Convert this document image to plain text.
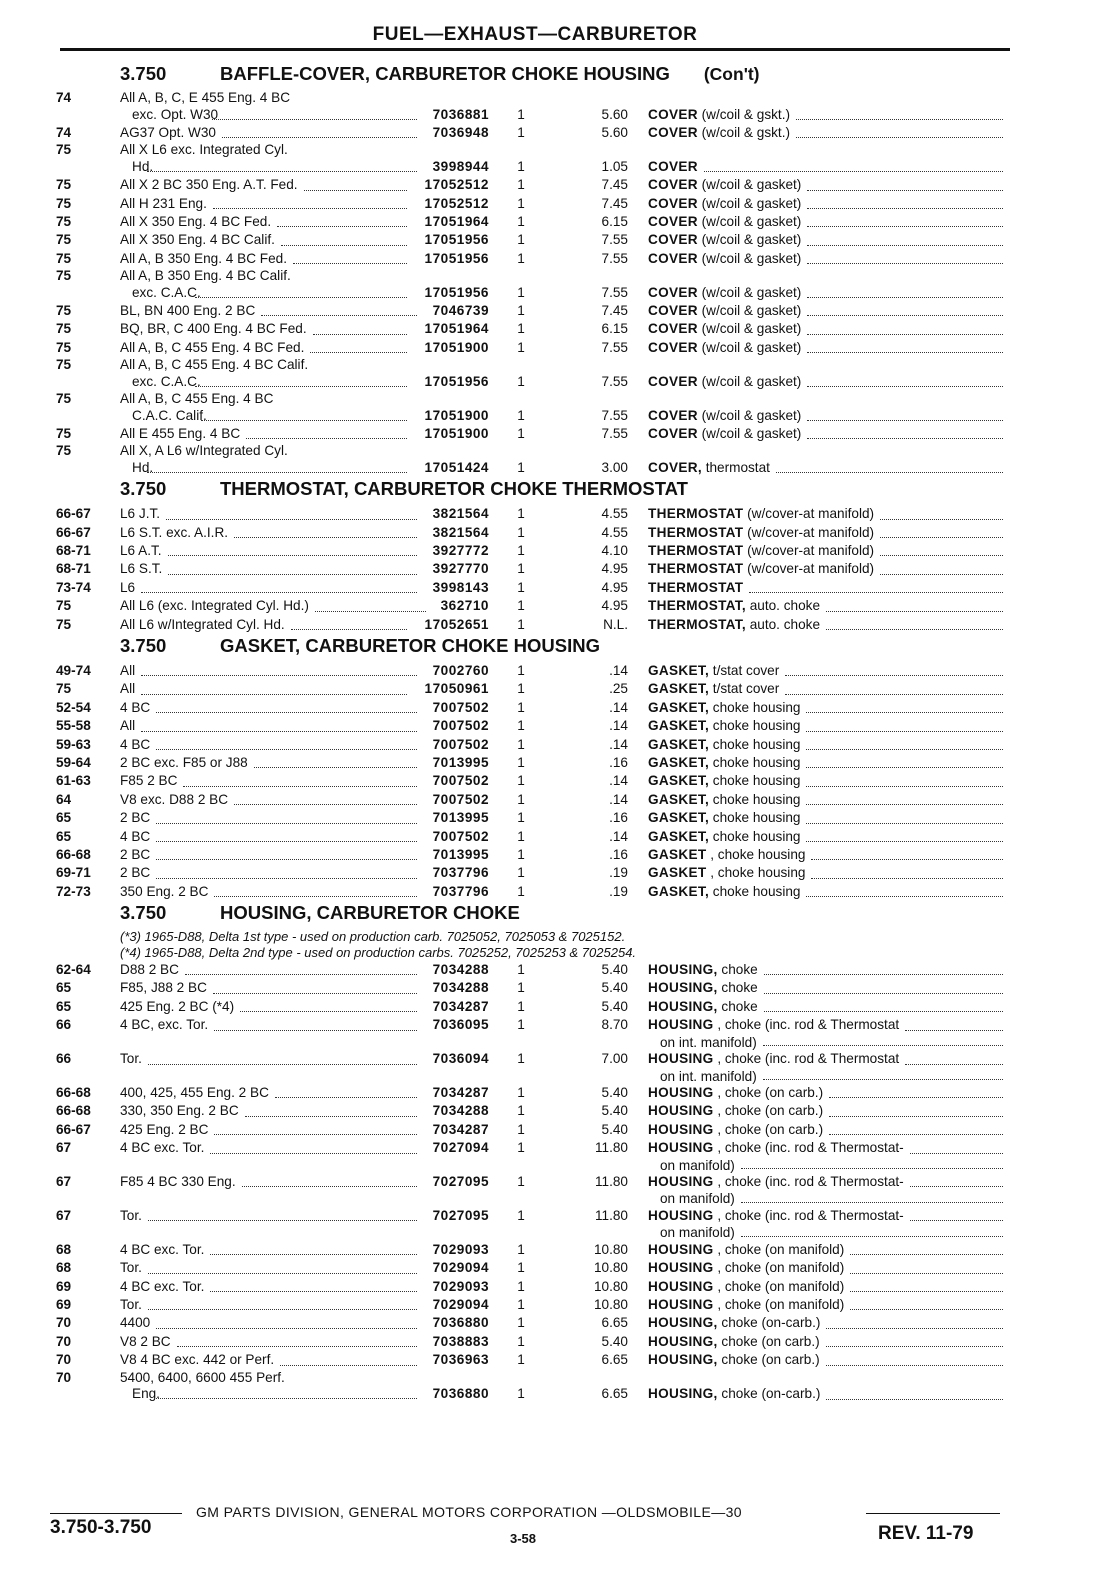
FUEL—EXHAUST—CARBURETOR
3.750	BAFFLE-COVER, CARBURETOR CHOKE HOUSING (Con't)
74	All A, B, C, E 455 Eng. 4 BC
exc. Opt. W30	7036881 1	5.60 COVER (w/coil & gskt.)
74	AG37 Opt. W30	7036948 1	5.60 COVER (w/coil & gskt.)
75	All X L6 exc. Integrated Cyl.
Hd.	3998944 1	1.05 COVER
75	All X 2 BC 350 Eng. A.T. Fed.	17052512 1	7.45 COVER (w/coil & gasket)
75	All H 231 Eng.	17052512 1	7.45 COVER (w/coil & gasket)
75	All X 350 Eng. 4 BC Fed.	17051964 1	6.15 COVER (w/coil & gasket)
75	All X 350 Eng. 4 BC Calif.	17051956 1	7.55 COVER (w/coil & gasket)
75	All A, B 350 Eng. 4 BC Fed.	17051956 1	7.55 COVER (w/coil & gasket)
75	All A, B 350 Eng. 4 BC Calif.
exc. C.A.C.	17051956 1	7.55 COVER (w/coil & gasket)
75	BL, BN 400 Eng. 2 BC	7046739 1	7.45 COVER (w/coil & gasket)
75	BQ, BR, C 400 Eng. 4 BC Fed.	17051964 1	6.15 COVER (w/coil & gasket)
75	All A, B, C 455 Eng. 4 BC Fed.	17051900 1	7.55 COVER (w/coil & gasket)
75	All A, B, C 455 Eng. 4 BC Calif.
exc. C.A.C.	17051956 1	7.55 COVER (w/coil & gasket)
75	All A, B, C 455 Eng. 4 BC
C.A.C. Calif.	17051900 1	7.55 COVER (w/coil & gasket)
75	All E 455 Eng. 4 BC	17051900 1	7.55 COVER (w/coil & gasket)
75	All X, A L6 w/Integrated Cyl.
Hd.	17051424 1	3.00 COVER, thermostat
3.750	THERMOSTAT, CARBURETOR CHOKE THERMOSTAT
66-67	L6 J.T.	3821564 1	4.55 THERMOSTAT (w/cover-at manifold)
66-67	L6 S.T. exc. A.I.R.	3821564 1	4.55 THERMOSTAT (w/cover-at manifold)
68-71	L6 A.T.	3927772 1	4.10 THERMOSTAT (w/cover-at manifold)
68-71	L6 S.T.	3927770 1	4.95 THERMOSTAT (w/cover-at manifold)
73-74	L6	3998143 1	4.95 THERMOSTAT
75	All L6 (exc. Integrated Cyl. Hd.)	362710 1	4.95 THERMOSTAT, auto. choke
75	All L6 w/Integrated Cyl. Hd.	17052651 1	N.L. THERMOSTAT, auto. choke
3.750	GASKET, CARBURETOR CHOKE HOUSING
49-74	All	7002760 1	.14 GASKET, t/stat cover
75	All	17050961 1	.25 GASKET, t/stat cover
52-54	4 BC	7007502 1	.14 GASKET, choke housing
55-58	All	7007502 1	.14 GASKET, choke housing
59-63	4 BC	7007502 1	.14 GASKET, choke housing
59-64	2 BC exc. F85 or J88	7013995 1	.16 GASKET, choke housing
61-63	F85 2 BC	7007502 1	.14 GASKET, choke housing
64	V8 exc. D88 2 BC	7007502 1	.14 GASKET, choke housing
65	2 BC	7013995 1	.16 GASKET, choke housing
65	4 BC	7007502 1	.14 GASKET, choke housing
66-68	2 BC	7013995 1	.16 GASKET , choke housing
69-71	2 BC	7037796 1	.19 GASKET , choke housing
72-73	350 Eng. 2 BC	7037796 1	.19 GASKET, choke housing
3.750	HOUSING, CARBURETOR CHOKE
(*3) 1965-D88, Delta 1st type - used on production carb. 7025052, 7025053 & 7025152.
(*4) 1965-D88, Delta 2nd type - used on production carbs. 7025252, 7025253 & 7025254.
62-64	D88 2 BC	7034288 1	5.40 HOUSING, choke
65	F85, J88 2 BC	7034288 1	5.40 HOUSING, choke
65	425 Eng. 2 BC (*4)	7034287 1	5.40 HOUSING, choke
66	4 BC, exc. Tor.	7036095 1	8.70 HOUSING , choke (inc. rod & Thermostat
on int. manifold)
66	Tor.	7036094 1	7.00 HOUSING , choke (inc. rod & Thermostat
on int. manifold)
66-68	400, 425, 455 Eng. 2 BC	7034287 1	5.40 HOUSING , choke (on carb.)
66-68	330, 350 Eng. 2 BC	7034288 1	5.40 HOUSING , choke (on carb.)
66-67	425 Eng. 2 BC	7034287 1	5.40 HOUSING , choke (on carb.)
67	4 BC exc. Tor.	7027094 1	11.80 HOUSING , choke (inc. rod & Thermostat-
on manifold)
67	F85 4 BC 330 Eng.	7027095 1	11.80 HOUSING , choke (inc. rod & Thermostat-
on manifold)
67	Tor.	7027095 1	11.80 HOUSING , choke (inc. rod & Thermostat-
on manifold)
68	4 BC exc. Tor.	7029093 1	10.80 HOUSING , choke (on manifold)
68	Tor.	7029094 1	10.80 HOUSING , choke (on manifold)
69	4 BC exc. Tor.	7029093 1	10.80 HOUSING , choke (on manifold)
69	Tor.	7029094 1	10.80 HOUSING , choke (on manifold)
70	4400	7036880 1	6.65 HOUSING, choke (on-carb.)
70	V8 2 BC	7038883 1	5.40 HOUSING, choke (on carb.)
70	V8 4 BC exc. 442 or Perf.	7036963 1	6.65 HOUSING, choke (on carb.)
70	5400, 6400, 6600 455 Perf.
Eng.	7036880 1	6.65 HOUSING, choke (on-carb.)
3.750-3.750
GM PARTS DIVISION, GENERAL MOTORS CORPORATION —OLDSMOBILE—30
3-58	REV. 11-79
